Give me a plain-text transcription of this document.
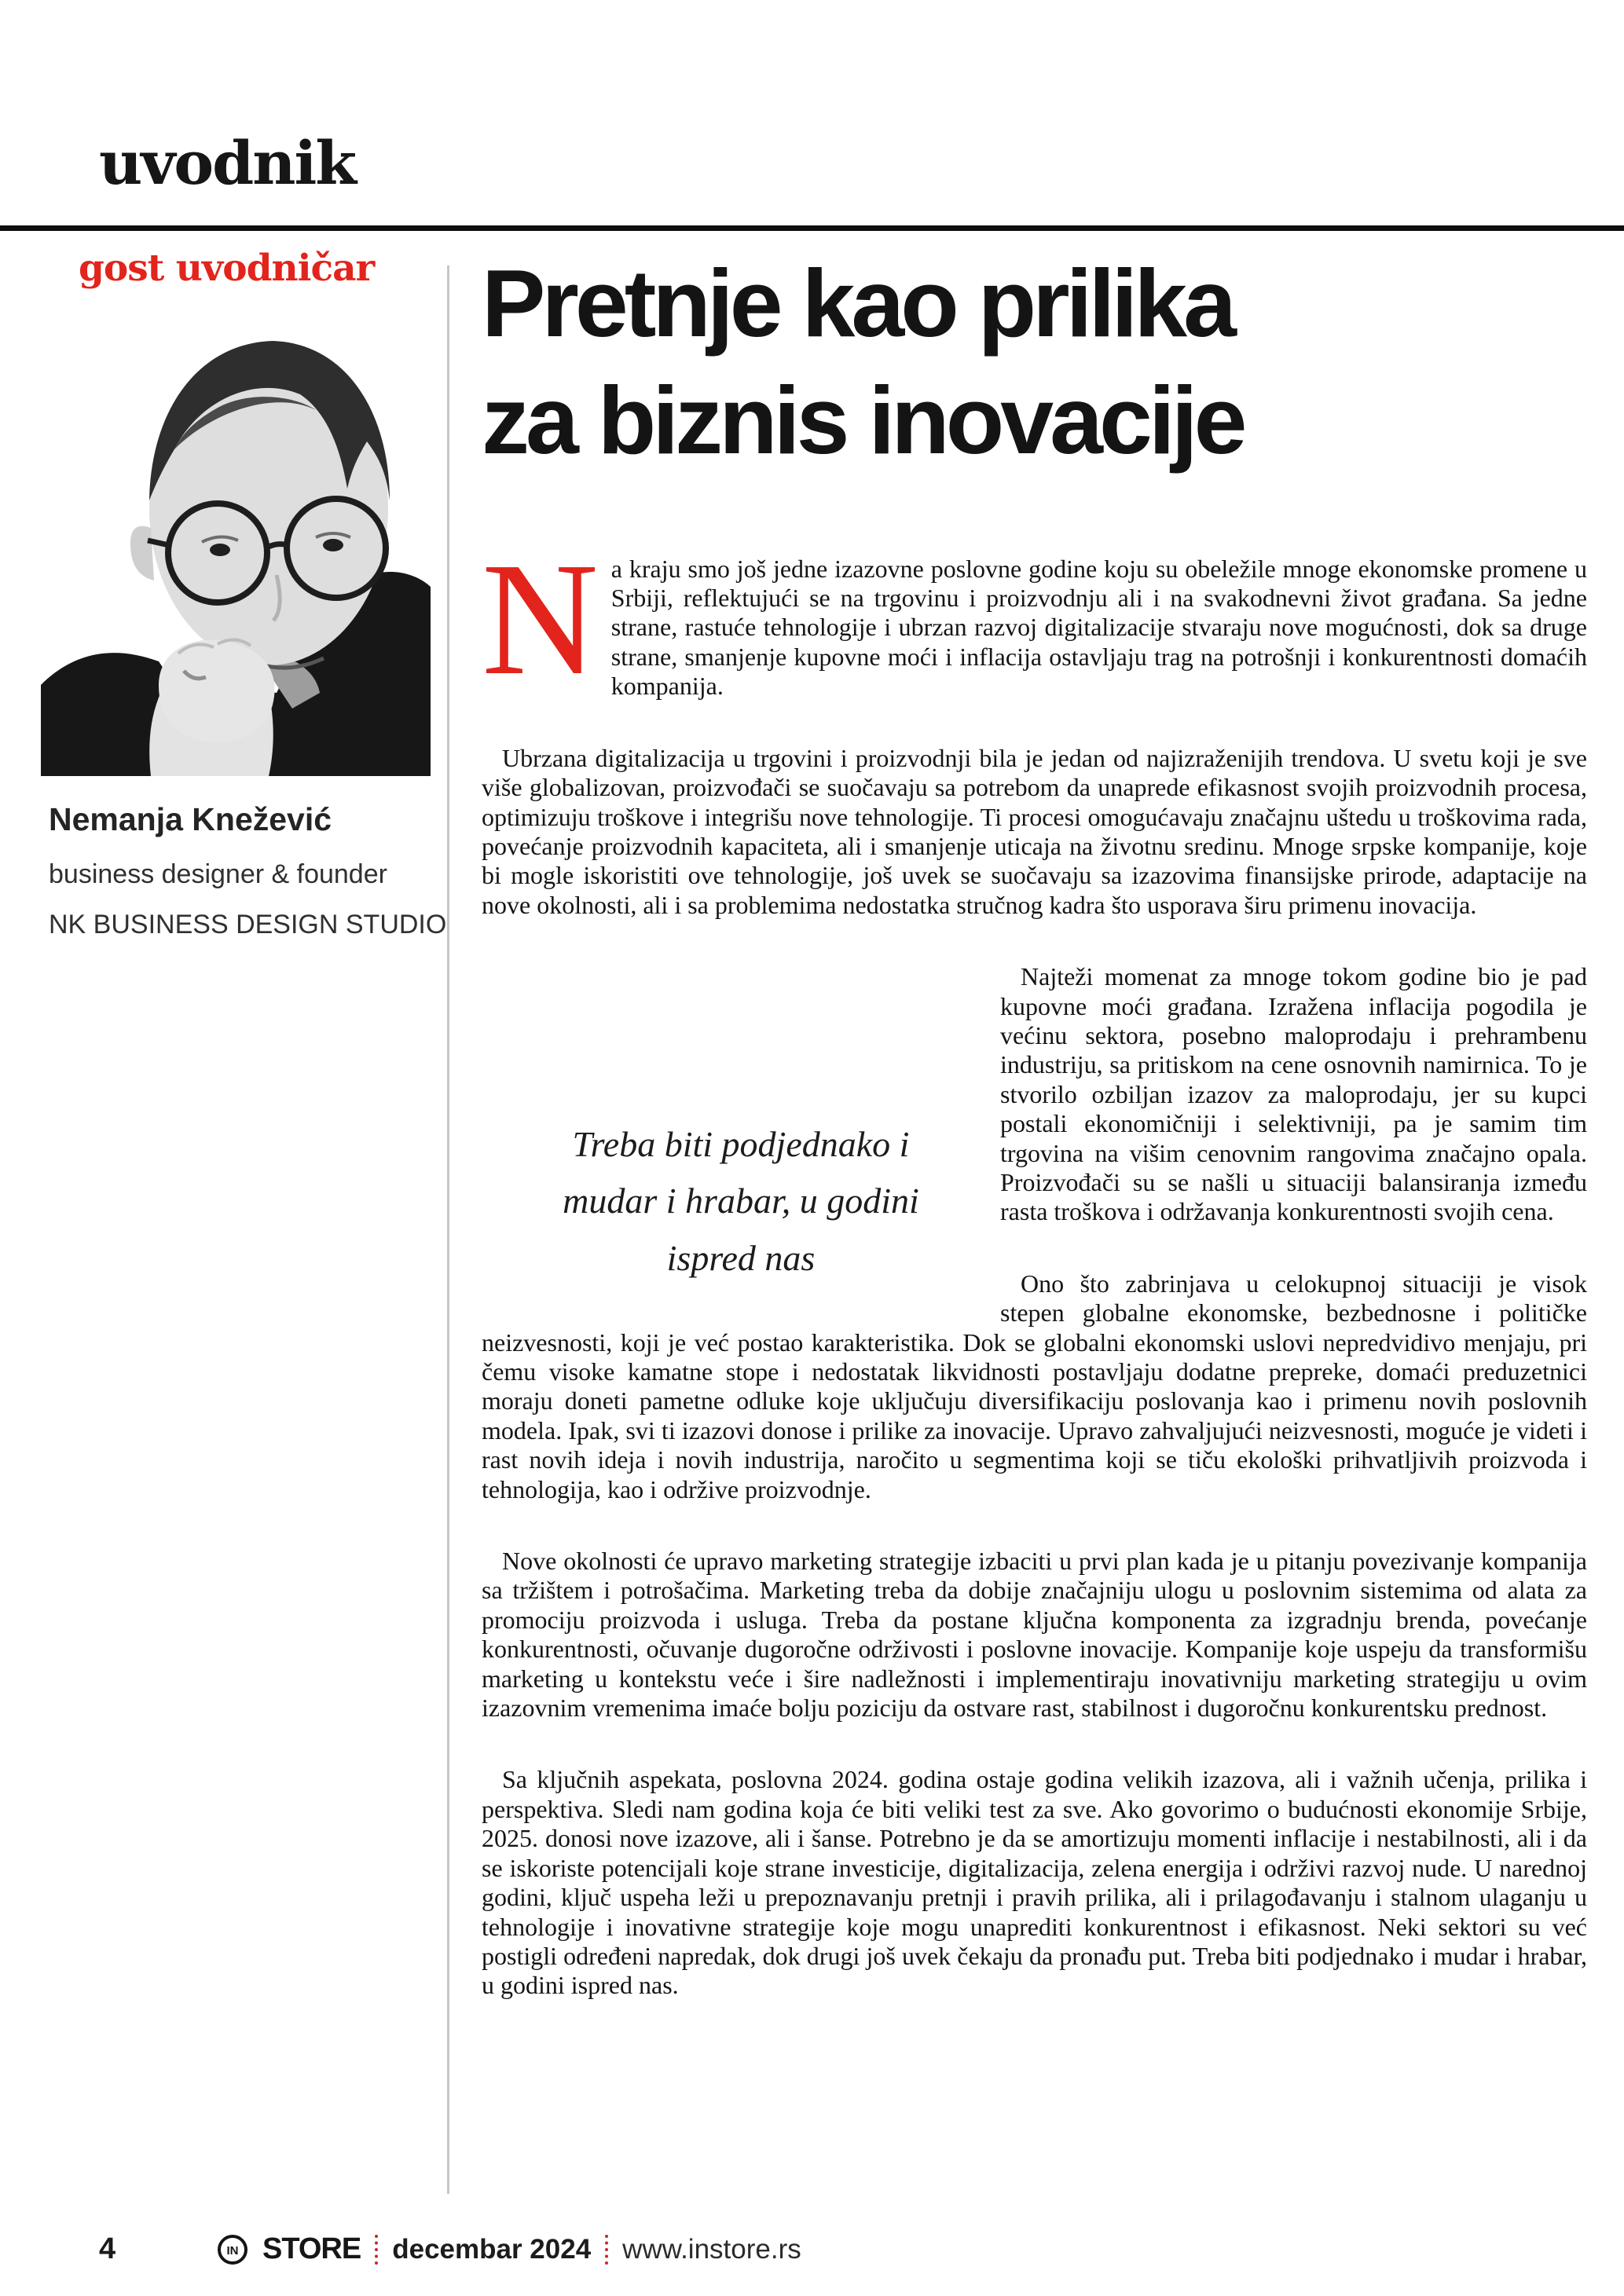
uvodnik
gost uvodničar
Nemanja Knežević
business designer & founder
NK BUSINESS DESIGN STUDIO
Pretnje kao prilika
za biznis inovacije

Na kraju smo još jedne izazovne poslovne godine koju su obeležile mnoge ekonomske promene u Srbiji, reflektujući se na trgovinu i proizvodnju ali i na svakodnevni život građana. Sa jedne strane, rastuće tehnologije i ubrzan razvoj digitalizacije stvaraju nove mogućnosti, dok sa druge strane, smanjenje kupovne moći i inflacija ostavljaju trag na potrošnji i konkurentnosti domaćih kompanija.

Ubrzana digitalizacija u trgovini i proizvodnji bila je jedan od najizraženijih trendova. U svetu koji je sve više globalizovan, proizvođači se suočavaju sa potrebom da unaprede efikasnost svojih proizvodnih procesa, optimizuju troškove i integrišu nove tehnologije. Ti procesi omogućavaju značajnu uštedu u troškovima rada, povećanje proizvodnih kapaciteta, ali i smanjenje uticaja na životnu sredinu. Mnoge srpske kompanije, koje bi mogle iskoristiti ove tehnologije, još uvek se suočavaju sa izazovima finansijske prirode, adaptacije na nove okolnosti, ali i sa problemima nedostatka stručnog kadra što usporava širu primenu inovacija.

Treba biti podjednako i mudar i hrabar, u godini ispred nas

Najteži momenat za mnoge tokom godine bio je pad kupovne moći građana. Izražena inflacija pogodila je većinu sektora, posebno maloprodaju i prehrambenu industriju, sa pritiskom na cene osnovnih namirnica. To je stvorilo ozbiljan izazov za maloprodaju, jer su kupci postali ekonomičniji i selektivniji, pa je samim tim trgovina na višim cenovnim rangovima značajno opala. Proizvođači su se našli u situaciji balansiranja između rasta troškova i održavanja konkurentnosti svojih cena.

Ono što zabrinjava u celokupnoj situaciji je visok stepen globalne ekonomske, bezbednosne i političke neizvesnosti, koji je već postao karakteristika. Dok se globalni ekonomski uslovi nepredvidivo menjaju, pri čemu visoke kamatne stope i nedostatak likvidnosti postavljaju dodatne prepreke, domaći preduzetnici moraju doneti pametne odluke koje uključuju diversifikaciju poslovanja kao i primenu novih poslovnih modela. Ipak, svi ti izazovi donose i prilike za inovacije. Upravo zahvaljujući neizvesnosti, moguće je videti i rast novih ideja i novih industrija, naročito u segmentima koji se tiču ekološki prihvatljivih proizvoda i tehnologija, kao i održive proizvodnje.

Nove okolnosti će upravo marketing strategije izbaciti u prvi plan kada je u pitanju povezivanje kompanija sa tržištem i potrošačima. Marketing treba da dobije značajniju ulogu u poslovnim sistemima od alata za promociju proizvoda i usluga. Treba da postane ključna komponenta za izgradnju brenda, povećanje konkurentnosti, očuvanje dugoročne održivosti i poslovne inovacije. Kompanije koje uspeju da transformišu marketing u kontekstu veće i šire nadležnosti i implementiraju inovativniju marketing strategiju u ovim izazovnim vremenima imaće bolju poziciju da ostvare rast, stabilnost i dugoročnu konkurentsku prednost.

Sa ključnih aspekata, poslovna 2024. godina ostaje godina velikih izazova, ali i važnih učenja, prilika i perspektiva. Sledi nam godina koja će biti veliki test za sve. Ako govorimo o budućnosti ekonomije Srbije, 2025. donosi nove izazove, ali i šanse. Potrebno je da se amortizuju momenti inflacije i nestabilnosti, ali i da se iskoriste potencijali koje strane investicije, digitalizacija, zelena energija i održivi razvoj nude. U narednoj godini, ključ uspeha leži u prepoznavanju pretnji i pravih prilika, ali i prilagođavanju i stalnom ulaganju u tehnologije i inovativne strategije koje mogu unaprediti konkurentnost i efikasnost. Neki sektori su već postigli određeni napredak, dok drugi još uvek čekaju da pronađu put. Treba biti podjednako i mudar i hrabar, u godini ispred nas.

4	IN STORE decembar 2024 www.instore.rs
